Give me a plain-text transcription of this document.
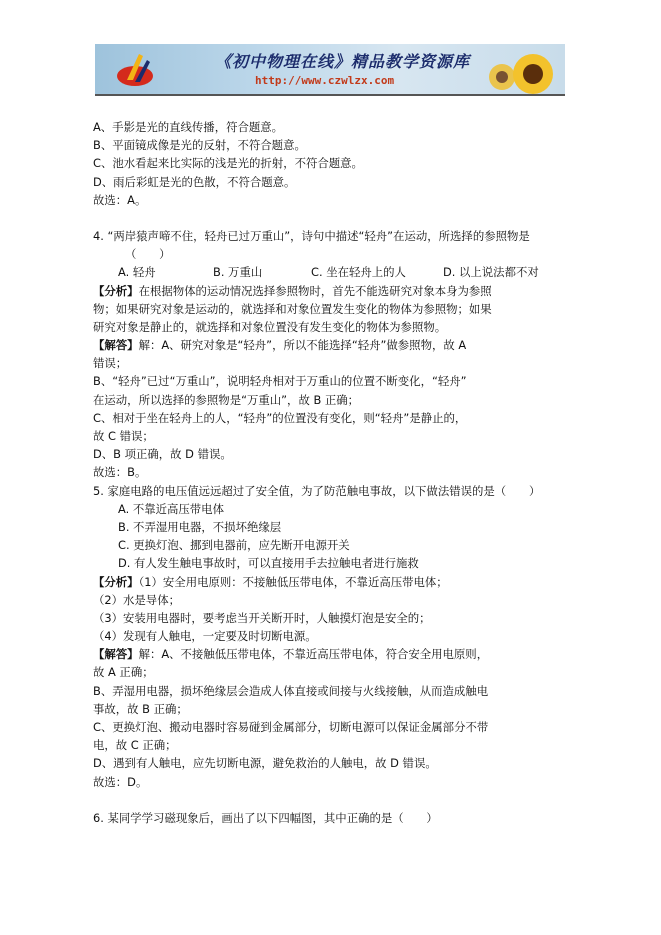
《初中物理在线》精品教学资源库
http://www.czwlzx.com
A、手影是光的直线传播，符合题意。
B、平面镜成像是光的反射，不符合题意。
C、池水看起来比实际的浅是光的折射，不符合题意。
D、雨后彩虹是光的色散，不符合题意。
故选：A。
4. “两岸猿声啼不住，轻舟已过万重山”，诗句中描述“轻舟”在运动，所选择的参照物是
（　　）
A. 轻舟	B. 万重山	C. 坐在轻舟上的人	D. 以上说法都不对
【分析】在根据物体的运动情况选择参照物时，首先不能选研究对象本身为参照
物；如果研究对象是运动的，就选择和对象位置发生变化的物体为参照物；如果
研究对象是静止的，就选择和对象位置没有发生变化的物体为参照物。
【解答】解：A、研究对象是“轻舟”，所以不能选择“轻舟”做参照物，故 A
错误；
B、“轻舟”已过“万重山”，说明轻舟相对于万重山的位置不断变化，“轻舟”
在运动，所以选择的参照物是“万重山”，故 B 正确；
C、相对于坐在轻舟上的人，“轻舟”的位置没有变化，则“轻舟”是静止的，
故 C 错误；
D、B 项正确，故 D 错误。
故选：B。
5. 家庭电路的电压值远远超过了安全值，为了防范触电事故，以下做法错误的是（　　）
A. 不靠近高压带电体
B. 不弄湿用电器，不损坏绝缘层
C. 更换灯泡、挪到电器前，应先断开电源开关
D. 有人发生触电事故时，可以直接用手去拉触电者进行施救
【分析】（1）安全用电原则：不接触低压带电体，不靠近高压带电体；
（2）水是导体；
（3）安装用电器时，要考虑当开关断开时，人触摸灯泡是安全的；
（4）发现有人触电，一定要及时切断电源。
【解答】解：A、不接触低压带电体，不靠近高压带电体，符合安全用电原则，
故 A 正确；
B、弄湿用电器，损坏绝缘层会造成人体直接或间接与火线接触，从而造成触电
事故，故 B 正确；
C、更换灯泡、搬动电器时容易碰到金属部分，切断电源可以保证金属部分不带
电，故 C 正确；
D、遇到有人触电，应先切断电源，避免救治的人触电，故 D 错误。
故选：D。
6. 某同学学习磁现象后，画出了以下四幅图，其中正确的是（　　）
